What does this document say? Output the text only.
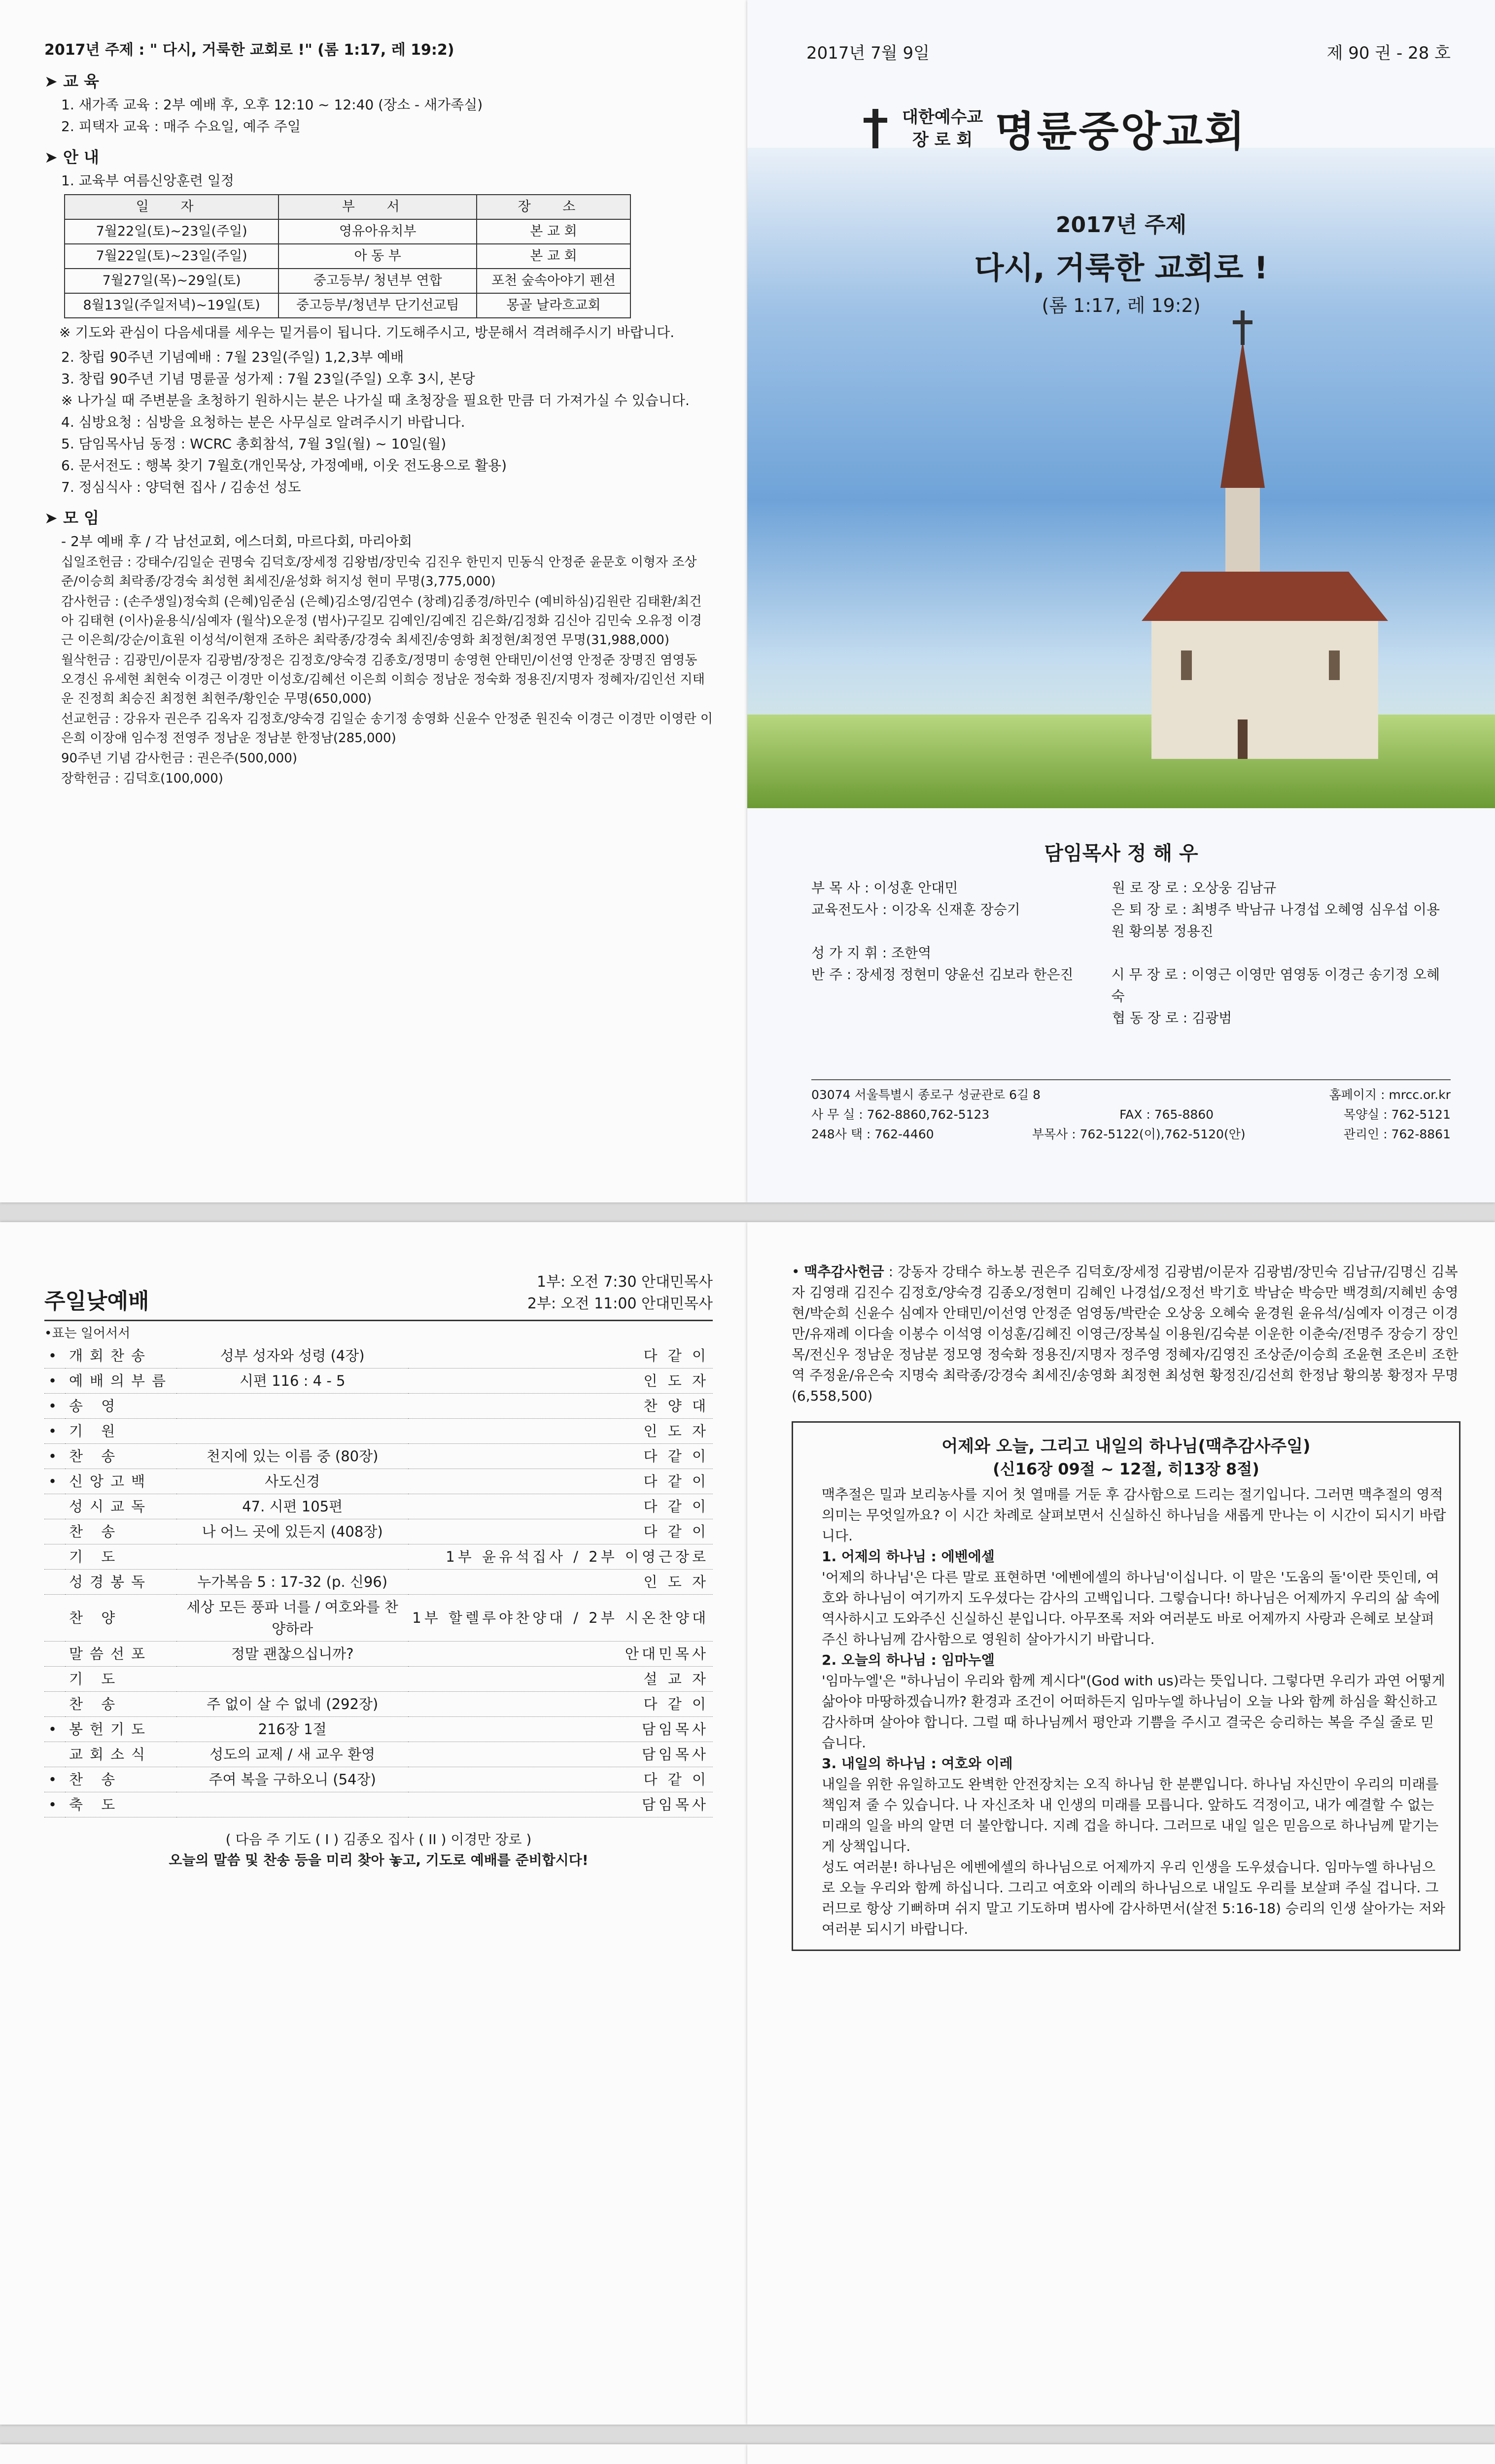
2017년 주제 : " 다시, 거룩한 교회로 !" (롬 1:17, 레 19:2)
➤ 교 육
1. 새가족 교육 : 2부 예배 후, 오후 12:10 ~ 12:40 (장소 - 새가족실)
2. 피택자 교육 : 매주 수요일, 예주 주일
➤ 안 내
1. 교육부 여름신앙훈련 일정
일 자	부 서	장 소
7월22일(토)~23일(주일)	영유아유치부	본 교 회
7월22일(토)~23일(주일)	아 동 부	본 교 회
7월27일(목)~29일(토)	중고등부/ 청년부 연합	포천 숲속아야기 펜션
8월13일(주일저녁)~19일(토)	중고등부/청년부 단기선교팀	몽골 날라흐교회
※ 기도와 관심이 다음세대를 세우는 밑거름이 됩니다. 기도해주시고, 방문해서 격려해주시기 바랍니다.
2. 창립 90주년 기념예배 : 7월 23일(주일) 1,2,3부 예배
3. 창립 90주년 기념 명륜골 성가제 : 7월 23일(주일) 오후 3시, 본당
※ 나가실 때 주변분을 초청하기 원하시는 분은 나가실 때 초청장을 필요한 만큼 더 가져가실 수 있습니다.
4. 심방요청 : 심방을 요청하는 분은 사무실로 알려주시기 바랍니다.
5. 담임목사님 동정 : WCRC 총회참석, 7월 3일(월) ~ 10일(월)
6. 문서전도 : 행복 찾기 7월호(개인묵상, 가정예배, 이웃 전도용으로 활용)
7. 정심식사 : 양덕현 집사 / 김송선 성도
➤ 모 임
- 2부 예배 후 / 각 남선교회, 에스더회, 마르다회, 마리아회
십일조헌금 : 강태수/김일순 권명숙 김덕호/장세정 김왕범/장민숙 김진우 한민지 민동식 안정준 윤문호 이형자 조상준/이승희 최락종/강경숙 최성현 최세진/윤성화 허지성 현미 무명(3,775,000)
감사헌금 : (손주생일)정숙희 (은혜)임준심 (은혜)김소영/김연수 (창례)김종경/하민수 (예비하심)김원란 김태환/최건아 김태현 (이사)윤용식/심예자 (월삭)오운정 (범사)구길모 김예인/김예진 김은화/김정화 김신아 김민숙 오유정 이경근 이은희/강순/이효원 이성석/이현재 조하은 최락종/강경숙 최세진/송영화 최정현/최정연 무명(31,988,000)
월삭헌금 : 김광민/이문자 김광범/장정은 김정호/양숙경 김종호/정명미 송영현 안태민/이선영 안정준 장명진 염영동 오경신 유세현 최현숙 이경근 이경만 이성호/김혜선 이은희 이희승 정남운 정숙화 정용진/지명자 정혜자/김인선 지태운 진정희 최승진 최정현 최현주/황인순 무명(650,000)
선교헌금 : 강유자 권은주 김옥자 김정호/양숙경 김일순 송기정 송영화 신윤수 안정준 원진숙 이경근 이경만 이영란 이은희 이장애 임수정 전영주 정남운 정남분 한정남(285,000)
90주년 기념 감사헌금 : 권은주(500,000)
장학헌금 : 김덕호(100,000)
2017년 7월 9일	제 90 권 - 28 호
대한예수교
장 로 회 명륜중앙교회
2017년 주제
다시, 거룩한 교회로 !
(롬 1:17, 레 19:2)
담임목사 정 해 우
부 목 사 : 이성훈 안대민	원 로 장 로 : 오상웅 김남규
교육전도사 : 이강옥 신재훈 장승기	은 퇴 장 로 : 최병주 박남규 나경섭 오혜영 심우섭 이용원 황의봉 정용진
성 가 지 휘 : 조한역
반 주 : 장세정 정현미 양윤선 김보라 한은진	시 무 장 로 : 이영근 이영만 염영동 이경근 송기정 오혜숙
협 동 장 로 : 김광범
03074 서울특별시 종로구 성균관로 6길 8	홈페이지 : mrcc.or.kr
사 무 실 : 762-8860,762-5123	FAX : 765-8860	목양실 : 762-5121
248사 택 : 762-4460	부목사 : 762-5122(이),762-5120(안)	관리인 : 762-8861
주일낮예배
1부: 오전 7:30 안대민목사
2부: 오전 11:00 안대민목사
•표는 일어서서
•	개회찬송	성부 성자와 성령 (4장)	다 같 이
•	예배의부름	시편 116 : 4 - 5	인 도 자
•	송 영		찬 양 대
•	기 원		인 도 자
•	찬 송	천지에 있는 이름 중 (80장)	다 같 이
•	신앙고백	사도신경	다 같 이
	성시교독	47. 시편 105편	다 같 이
	찬 송	나 어느 곳에 있든지 (408장)	다 같 이
	기 도		1부 윤유석집사 / 2부 이영근장로
	성경봉독	누가복음 5 : 17-32 (p. 신96)	인 도 자
	찬 양	세상 모든 풍파 너를 / 여호와를 찬양하라	1부 할렐루야찬양대 / 2부 시온찬양대
	말씀선포	정말 괜찮으십니까?	안대민목사
	기 도		설 교 자
	찬 송	주 없이 살 수 없네 (292장)	다 같 이
•	봉헌기도	216장 1절	담임목사
	교회소식	성도의 교제 / 새 교우 환영	담임목사
•	찬 송	주여 복을 구하오니 (54장)	다 같 이
•	축 도		담임목사
( 다음 주 기도 ( I ) 김종오 집사 ( II ) 이경만 장로 )
오늘의 말씀 및 찬송 등을 미리 찾아 놓고, 기도로 예배를 준비합시다!
• 맥추감사헌금 : 강동자 강태수 하노봉 권은주 김덕호/장세정 김광범/이문자 김광범/장민숙 김남규/김명신 김복자 김영래 김진수 김정호/양숙경 김종오/정현미 김혜인 나경섭/오정선 박기호 박남순 박승만 백경희/지혜빈 송영현/박순희 신윤수 심예자 안태민/이선영 안정준 엄영동/박란순 오상웅 오혜숙 윤경원 윤유석/심예자 이경근 이경만/유재례 이다솔 이봉수 이석영 이성훈/김혜진 이영근/장복실 이용원/김숙분 이운한 이춘숙/전명주 장승기 장인목/전신우 정남운 정남분 정모영 정숙화 정용진/지명자 정주영 정혜자/김영진 조상준/이승희 조윤현 조은비 조한역 주정윤/유은숙 지명숙 최락종/강경숙 최세진/송영화 최정현 최성현 황정진/김선희 한정남 황의봉 황정자 무명(6,558,500)
어제와 오늘, 그리고 내일의 하나님(맥추감사주일)
(신16장 09절 ~ 12절, 히13장 8절)
맥추절은 밀과 보리농사를 지어 첫 열매를 거둔 후 감사함으로 드리는 절기입니다. 그러면 맥추절의 영적 의미는 무엇일까요? 이 시간 차례로 살펴보면서 신실하신 하나님을 새롭게 만나는 이 시간이 되시기 바랍니다.
1. 어제의 하나님 : 에벤에셀
'어제의 하나님'은 다른 말로 표현하면 '에벤에셀의 하나님'이십니다. 이 말은 '도움의 돌'이란 뜻인데, 여호와 하나님이 여기까지 도우셨다는 감사의 고백입니다. 그렇습니다! 하나님은 어제까지 우리의 삶 속에 역사하시고 도와주신 신실하신 분입니다. 아무쪼록 저와 여러분도 바로 어제까지 사랑과 은혜로 보살펴주신 하나님께 감사함으로 영원히 살아가시기 바랍니다.
2. 오늘의 하나님 : 임마누엘
'임마누엘'은 "하나님이 우리와 함께 계시다"(God with us)라는 뜻입니다. 그렇다면 우리가 과연 어떻게 삶아야 마땅하겠습니까? 환경과 조건이 어떠하든지 임마누엘 하나님이 오늘 나와 함께 하심을 확신하고 감사하며 살아야 합니다. 그럴 때 하나님께서 평안과 기쁨을 주시고 결국은 승리하는 복을 주실 줄로 믿습니다.
3. 내일의 하나님 : 여호와 이레
내일을 위한 유일하고도 완벽한 안전장치는 오직 하나님 한 분뿐입니다. 하나님 자신만이 우리의 미래를 책임져 줄 수 있습니다. 나 자신조차 내 인생의 미래를 모릅니다. 앞하도 걱정이고, 내가 예결할 수 없는 미래의 일을 바의 알면 더 불안합니다. 지례 겁을 하니다. 그러므로 내일 일은 믿음으로 하나님께 맡기는 게 상책입니다.
성도 여러분! 하나님은 에벤에셀의 하나님으로 어제까지 우리 인생을 도우셨습니다. 임마누엘 하나님으로 오늘 우리와 함께 하십니다. 그리고 여호와 이레의 하나님으로 내일도 우리를 보살펴 주실 겁니다. 그러므로 항상 기뻐하며 쉬지 말고 기도하며 범사에 감사하면서(살전 5:16-18) 승리의 인생 살아가는 저와 여러분 되시기 바랍니다.
